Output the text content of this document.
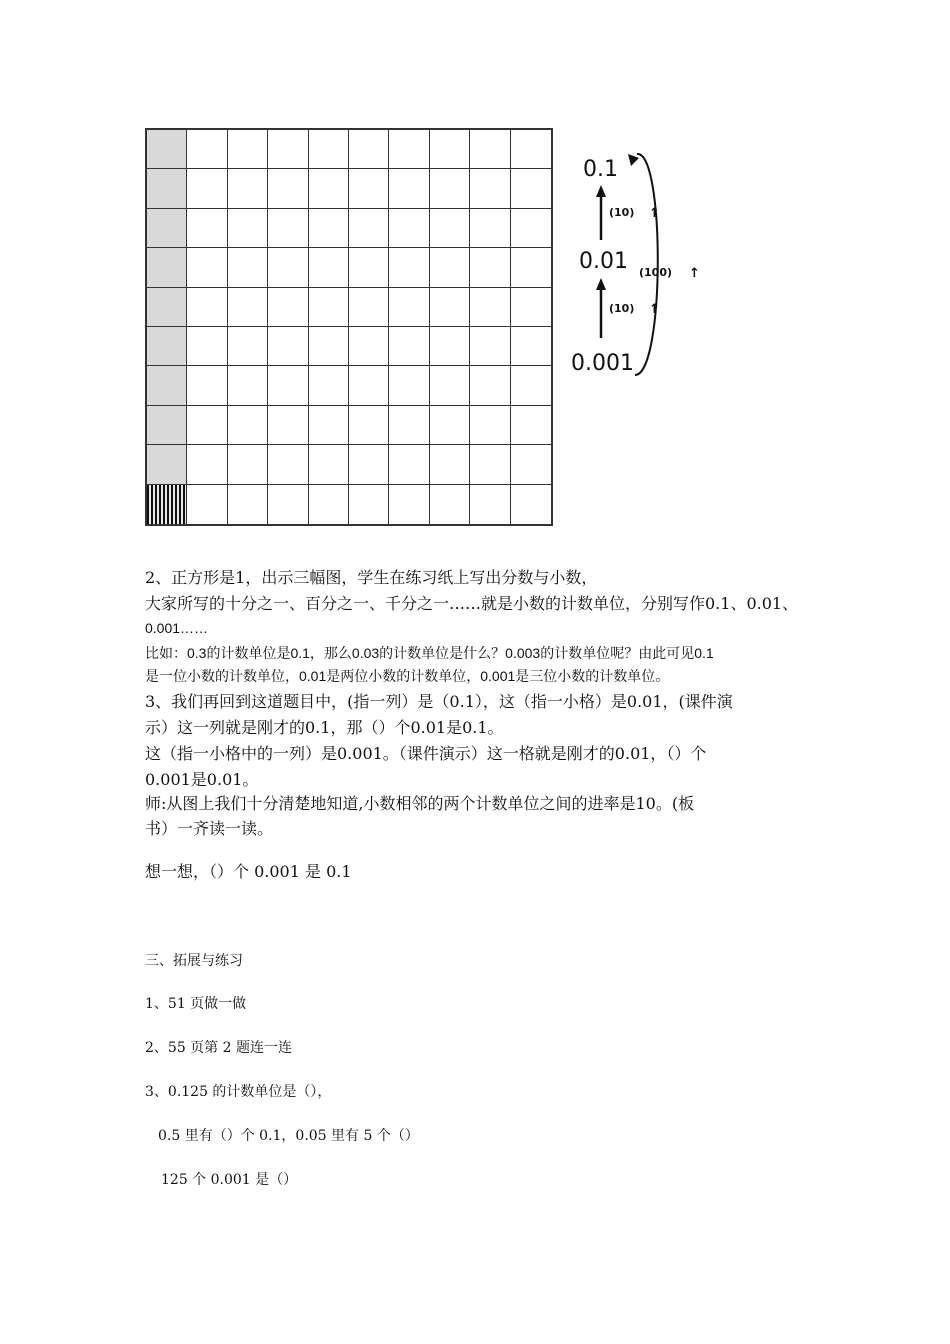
0.1
0.01
0.001
(10) ↑
(10) ↑
(100) ↑
2、正方形是1，出示三幅图，学生在练习纸上写出分数与小数，
大家所写的十分之一、百分之一、千分之一……就是小数的计数单位，分别写作0.1、0.01、
0.001……
比如：0.3的计数单位是0.1，那么0.03的计数单位是什么？0.003的计数单位呢？由此可见0.1
是一位小数的计数单位，0.01是两位小数的计数单位，0.001是三位小数的计数单位。
3、我们再回到这道题目中，(指一列）是（0.1），这（指一小格）是0.01，(课件演
示）这一列就是刚才的0.1，那（）个0.01是0.1。
这（指一小格中的一列）是0.001。（课件演示）这一格就是刚才的0.01，（）个
0.001是0.01。
师:从图上我们十分清楚地知道,小数相邻的两个计数单位之间的进率是10。(板
书）一齐读一读。
想一想，（）个 0.001 是 0.1
三、拓展与练习
1、51 页做一做
2、55 页第 2 题连一连
3、0.125 的计数单位是（），
0.5 里有（）个 0.1，0.05 里有 5 个（）
125 个 0.001 是（）
